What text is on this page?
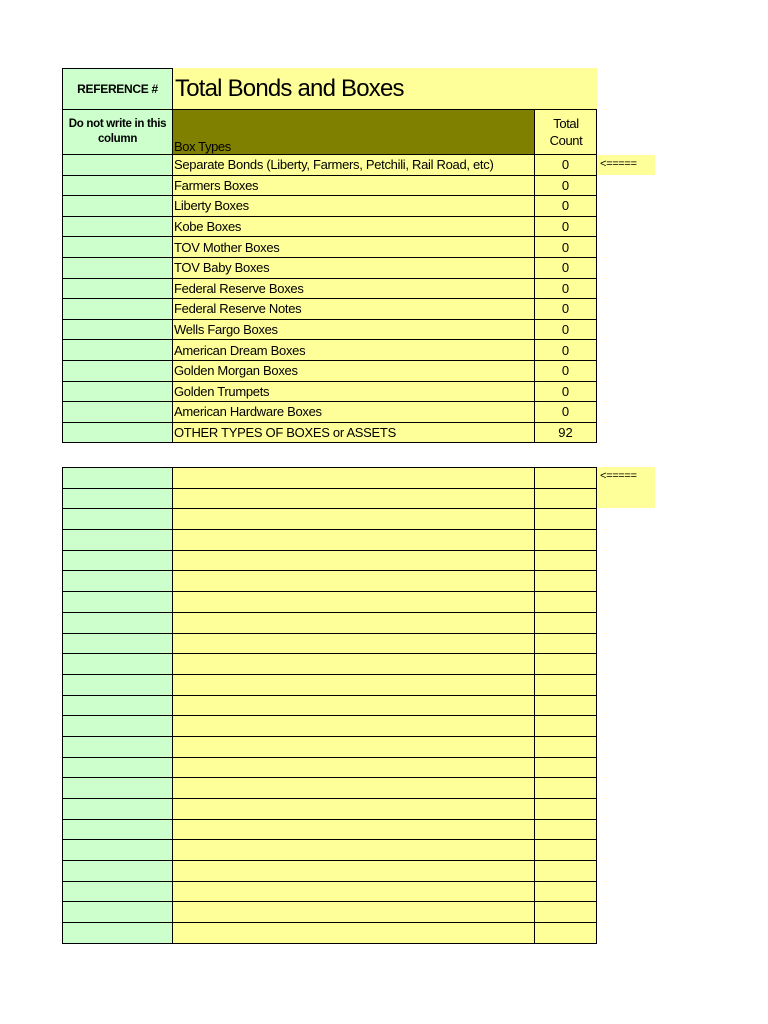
REFERENCE #	Total Bonds and Boxes	
Do not write in this column	Box Types	Total Count
	Separate Bonds (Liberty, Farmers, Petchili, Rail Road, etc)	0
	Farmers Boxes	0
	Liberty Boxes	0
	Kobe Boxes	0
	TOV Mother Boxes	0
	TOV Baby Boxes	0
	Federal Reserve Boxes	0
	Federal Reserve Notes	0
	Wells Fargo Boxes	0
	American Dream Boxes	0
	Golden Morgan Boxes	0
	Golden Trumpets	0
	American Hardware Boxes	0
	OTHER TYPES OF BOXES or ASSETS	92
<=====

<=====
